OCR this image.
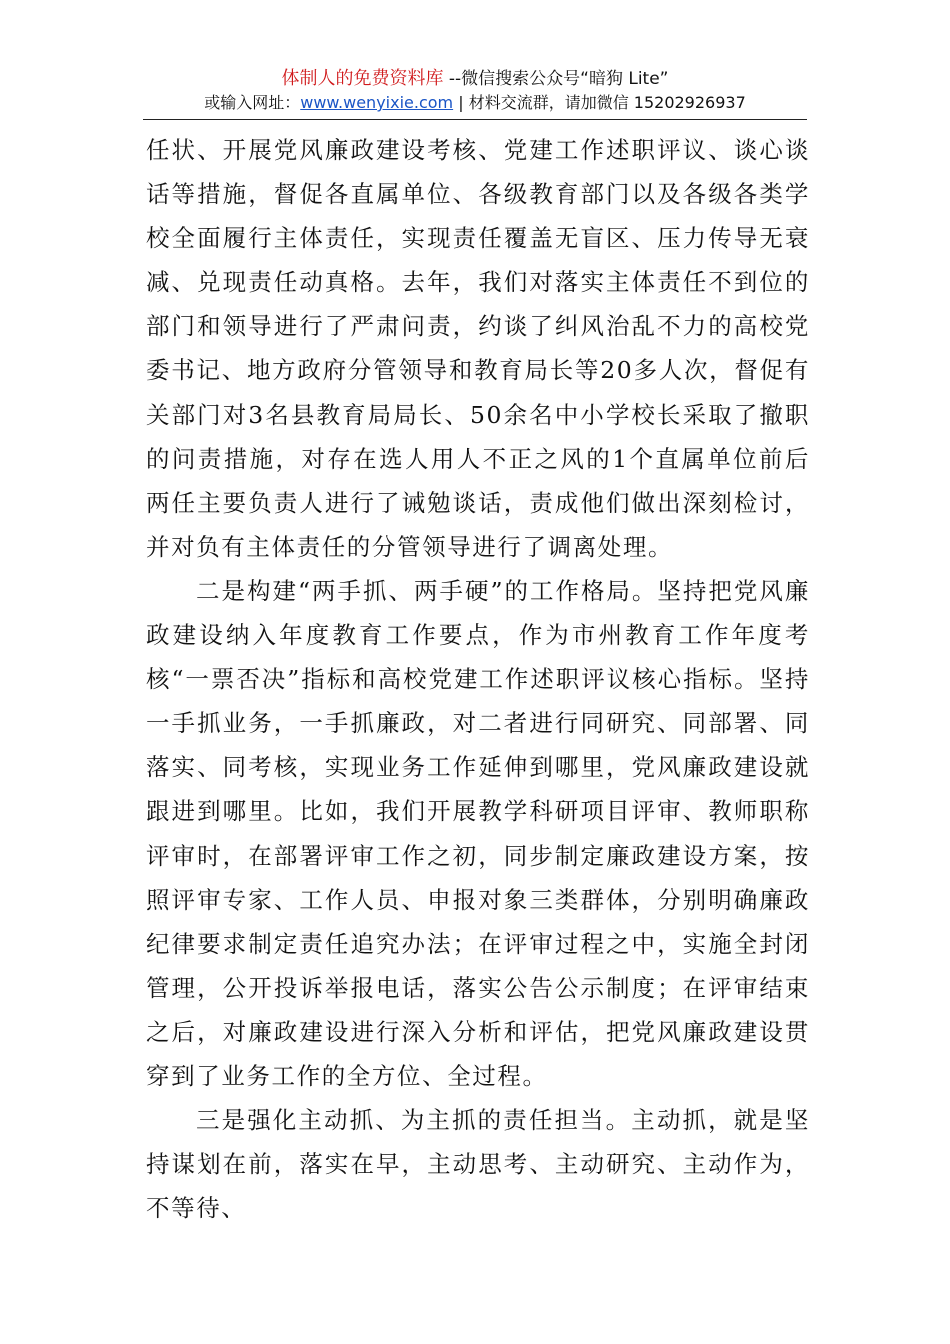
体制人的免费资料库 --微信搜索公众号“暗狗 Lite”
或输入网址：www.wenyixie.com | 材料交流群，请加微信 15202926937

任状、开展党风廉政建设考核、党建工作述职评议、谈心谈话等措施，督促各直属单位、各级教育部门以及各级各类学校全面履行主体责任，实现责任覆盖无盲区、压力传导无衰减、兑现责任动真格。去年，我们对落实主体责任不到位的部门和领导进行了严肃问责，约谈了纠风治乱不力的高校党委书记、地方政府分管领导和教育局长等20多人次，督促有关部门对3名县教育局局长、50余名中小学校长采取了撤职的问责措施，对存在选人用人不正之风的1个直属单位前后两任主要负责人进行了诫勉谈话，责成他们做出深刻检讨，并对负有主体责任的分管领导进行了调离处理。

二是构建“两手抓、两手硬”的工作格局。坚持把党风廉政建设纳入年度教育工作要点，作为市州教育工作年度考核“一票否决”指标和高校党建工作述职评议核心指标。坚持一手抓业务，一手抓廉政，对二者进行同研究、同部署、同落实、同考核，实现业务工作延伸到哪里，党风廉政建设就跟进到哪里。比如，我们开展教学科研项目评审、教师职称评审时，在部署评审工作之初，同步制定廉政建设方案，按照评审专家、工作人员、申报对象三类群体，分别明确廉政纪律要求制定责任追究办法；在评审过程之中，实施全封闭管理，公开投诉举报电话，落实公告公示制度；在评审结束之后，对廉政建设进行深入分析和评估，把党风廉政建设贯穿到了业务工作的全方位、全过程。

三是强化主动抓、为主抓的责任担当。主动抓，就是坚持谋划在前，落实在早，主动思考、主动研究、主动作为，不等待、
